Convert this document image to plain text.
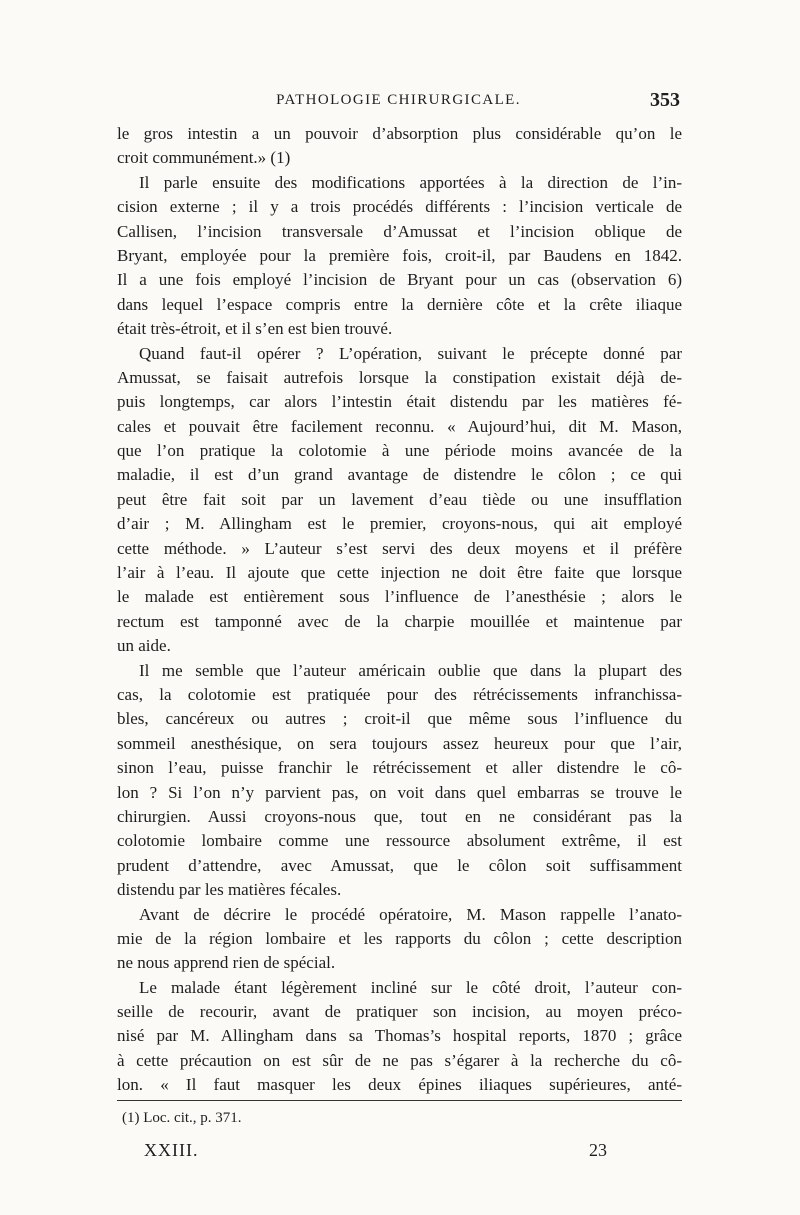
PATHOLOGIE CHIRURGICALE.	353
le gros intestin a un pouvoir d’absorption plus considérable qu’on le
croit communément.» (1)
Il parle ensuite des modifications apportées à la direction de l’in-
cision externe ; il y a trois procédés différents : l’incision verticale de
Callisen, l’incision transversale d’Amussat et l’incision oblique de
Bryant, employée pour la première fois, croit-il, par Baudens en 1842.
Il a une fois employé l’incision de Bryant pour un cas (observation 6)
dans lequel l’espace compris entre la dernière côte et la crête iliaque
était très-étroit, et il s’en est bien trouvé.
Quand faut-il opérer ? L’opération, suivant le précepte donné par
Amussat, se faisait autrefois lorsque la constipation existait déjà de-
puis longtemps, car alors l’intestin était distendu par les matières fé-
cales et pouvait être facilement reconnu. « Aujourd’hui, dit M. Mason,
que l’on pratique la colotomie à une période moins avancée de la
maladie, il est d’un grand avantage de distendre le côlon ; ce qui
peut être fait soit par un lavement d’eau tiède ou une insufflation
d’air ; M. Allingham est le premier, croyons-nous, qui ait employé
cette méthode. » L’auteur s’est servi des deux moyens et il préfère
l’air à l’eau. Il ajoute que cette injection ne doit être faite que lorsque
le malade est entièrement sous l’influence de l’anesthésie ; alors le
rectum est tamponné avec de la charpie mouillée et maintenue par
un aide.
Il me semble que l’auteur américain oublie que dans la plupart des
cas, la colotomie est pratiquée pour des rétrécissements infranchissa-
bles, cancéreux ou autres ; croit-il que même sous l’influence du
sommeil anesthésique, on sera toujours assez heureux pour que l’air,
sinon l’eau, puisse franchir le rétrécissement et aller distendre le cô-
lon ? Si l’on n’y parvient pas, on voit dans quel embarras se trouve le
chirurgien. Aussi croyons-nous que, tout en ne considérant pas la
colotomie lombaire comme une ressource absolument extrême, il est
prudent d’attendre, avec Amussat, que le côlon soit suffisamment
distendu par les matières fécales.
Avant de décrire le procédé opératoire, M. Mason rappelle l’anato-
mie de la région lombaire et les rapports du côlon ; cette description
ne nous apprend rien de spécial.
Le malade étant légèrement incliné sur le côté droit, l’auteur con-
seille de recourir, avant de pratiquer son incision, au moyen préco-
nisé par M. Allingham dans sa Thomas’s hospital reports, 1870 ; grâce
à cette précaution on est sûr de ne pas s’égarer à la recherche du cô-
lon. « Il faut masquer les deux épines iliaques supérieures, anté-
(1) Loc. cit., p. 371.
XXIII.	23
